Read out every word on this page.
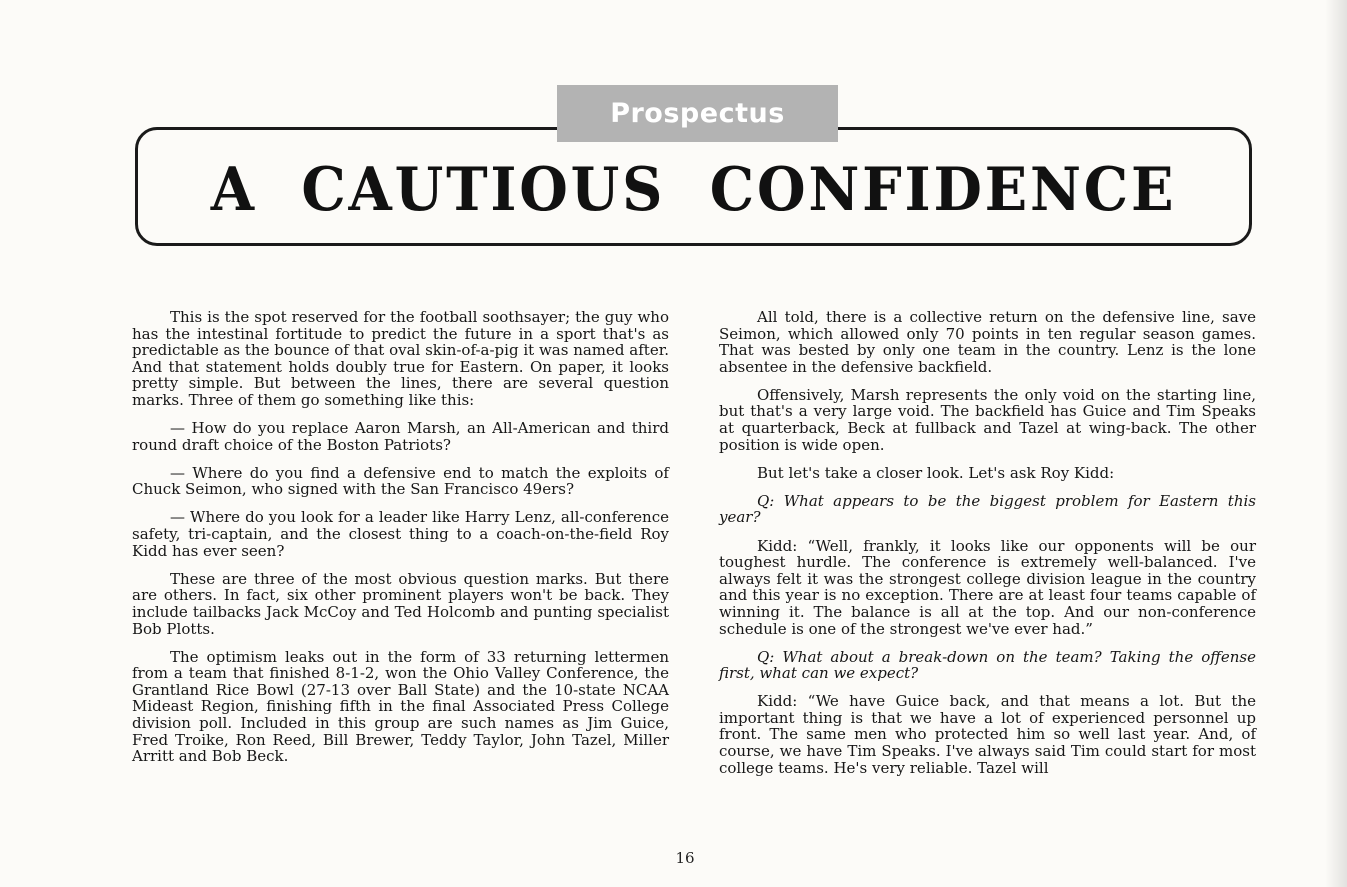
Prospectus
A CAUTIOUS CONFIDENCE

This is the spot reserved for the football soothsayer; the guy who has the intestinal fortitude to predict the future in a sport that's as predictable as the bounce of that oval skin-of-a-pig it was named after. And that statement holds doubly true for Eastern. On paper, it looks pretty simple. But between the lines, there are several question marks. Three of them go something like this:

— How do you replace Aaron Marsh, an All-American and third round draft choice of the Boston Patriots?

— Where do you find a defensive end to match the exploits of Chuck Seimon, who signed with the San Francisco 49ers?

— Where do you look for a leader like Harry Lenz, all-conference safety, tri-captain, and the closest thing to a coach-on-the-field Roy Kidd has ever seen?

These are three of the most obvious question marks. But there are others. In fact, six other prominent players won't be back. They include tailbacks Jack McCoy and Ted Holcomb and punting specialist Bob Plotts.

The optimism leaks out in the form of 33 returning lettermen from a team that finished 8-1-2, won the Ohio Valley Conference, the Grantland Rice Bowl (27-13 over Ball State) and the 10-state NCAA Mideast Region, finishing fifth in the final Associated Press College division poll. Included in this group are such names as Jim Guice, Fred Troike, Ron Reed, Bill Brewer, Teddy Taylor, John Tazel, Miller Arritt and Bob Beck.

All told, there is a collective return on the defensive line, save Seimon, which allowed only 70 points in ten regular season games. That was bested by only one team in the country. Lenz is the lone absentee in the defensive backfield.

Offensively, Marsh represents the only void on the starting line, but that's a very large void. The backfield has Guice and Tim Speaks at quarterback, Beck at fullback and Tazel at wing-back. The other position is wide open.

But let's take a closer look. Let's ask Roy Kidd:

Q: What appears to be the biggest problem for Eastern this year?

Kidd: “Well, frankly, it looks like our opponents will be our toughest hurdle. The conference is extremely well-balanced. I've always felt it was the strongest college division league in the country and this year is no exception. There are at least four teams capable of winning it. The balance is all at the top. And our non-conference schedule is one of the strongest we've ever had.”

Q: What about a break-down on the team? Taking the offense first, what can we expect?

Kidd: “We have Guice back, and that means a lot. But the important thing is that we have a lot of experienced personnel up front. The same men who protected him so well last year. And, of course, we have Tim Speaks. I've always said Tim could start for most college teams. He's very reliable. Tazel will

16
